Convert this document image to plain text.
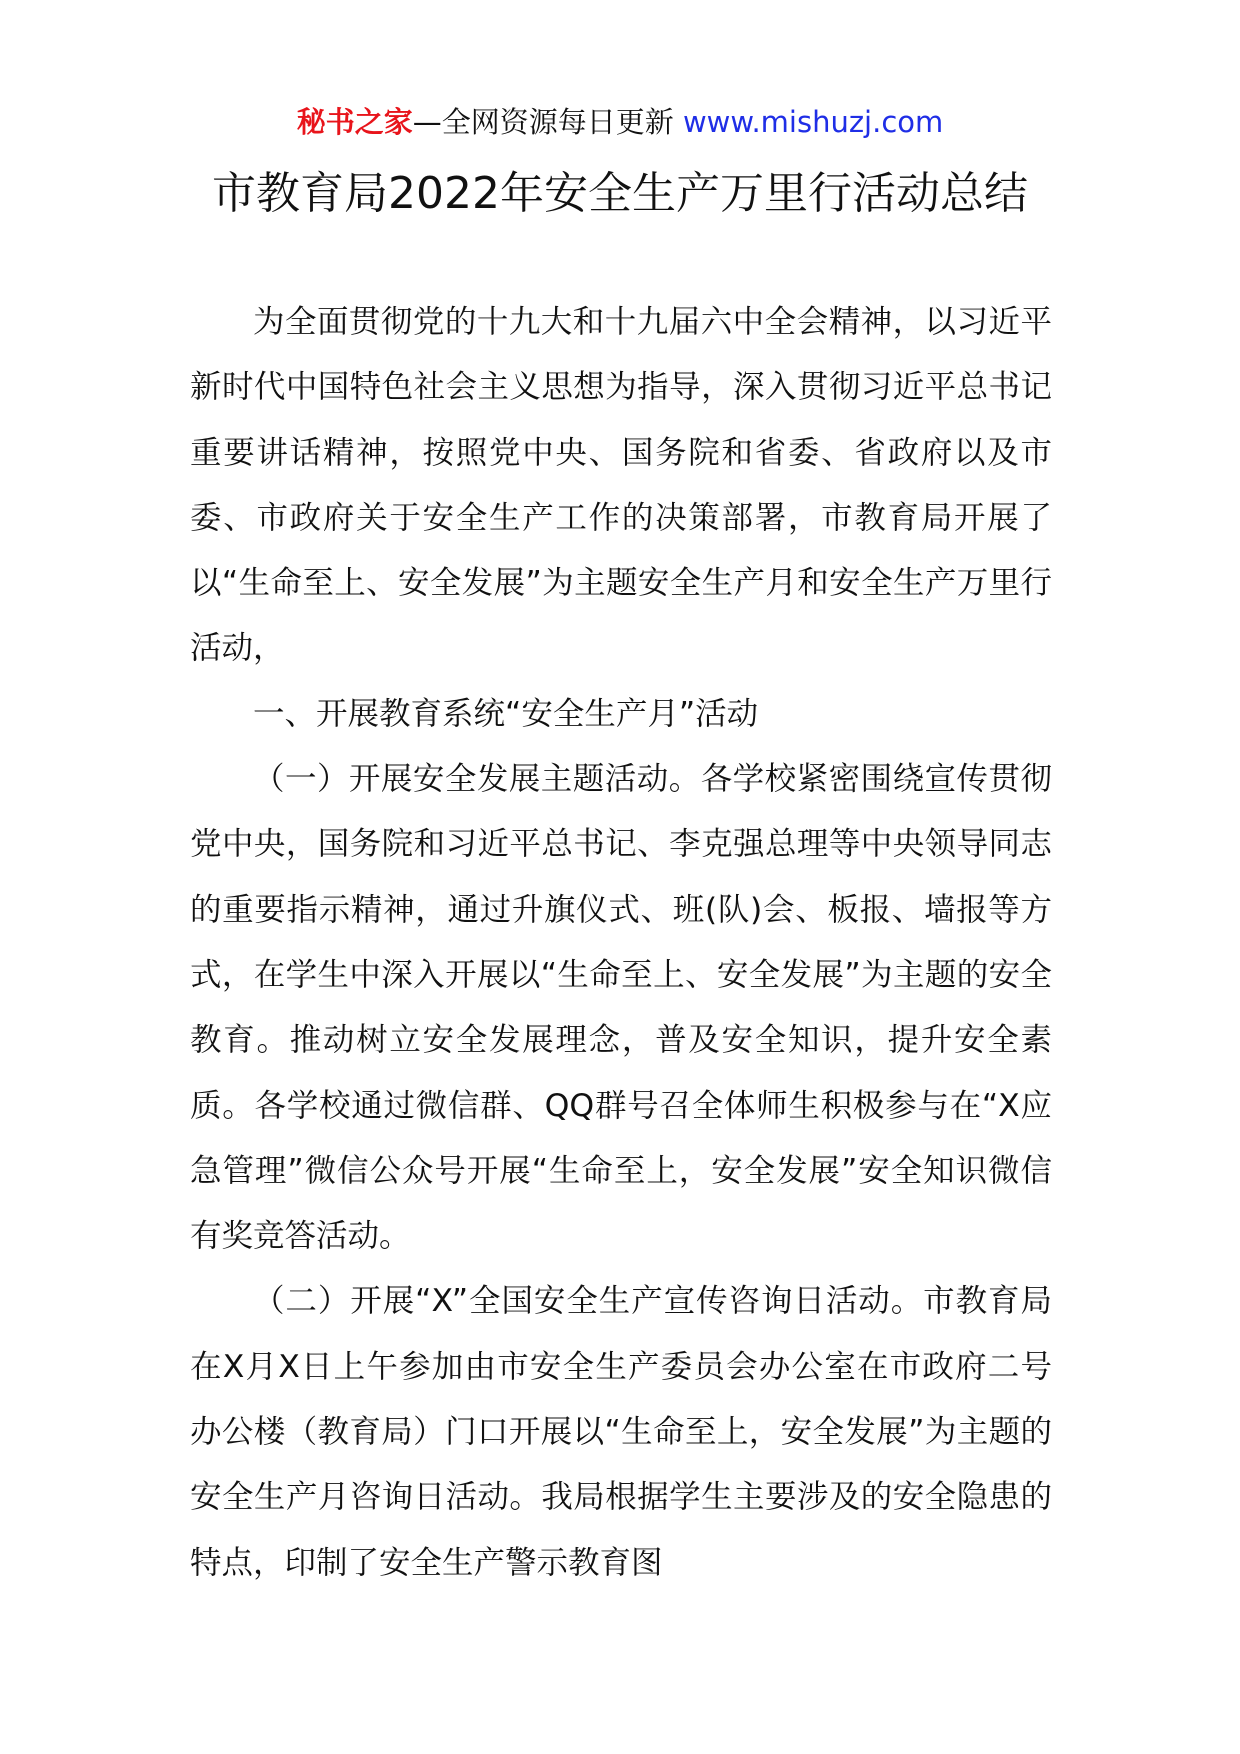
秘书之家—全网资源每日更新 www.mishuzj.com
市教育局2022年安全生产万里行活动总结

为全面贯彻党的十九大和十九届六中全会精神，以习近平新时代中国特色社会主义思想为指导，深入贯彻习近平总书记重要讲话精神，按照党中央、国务院和省委、省政府以及市委、市政府关于安全生产工作的决策部署，市教育局开展了以“生命至上、安全发展”为主题安全生产月和安全生产万里行活动，

一、开展教育系统“安全生产月”活动

（一）开展安全发展主题活动。各学校紧密围绕宣传贯彻党中央，国务院和习近平总书记、李克强总理等中央领导同志的重要指示精神，通过升旗仪式、班(队)会、板报、墙报等方式，在学生中深入开展以“生命至上、安全发展”为主题的安全教育。推动树立安全发展理念，普及安全知识，提升安全素质。各学校通过微信群、QQ群号召全体师生积极参与在“X应急管理”微信公众号开展“生命至上，安全发展”安全知识微信有奖竞答活动。

（二）开展“X”全国安全生产宣传咨询日活动。市教育局在X月X日上午参加由市安全生产委员会办公室在市政府二号办公楼（教育局）门口开展以“生命至上，安全发展”为主题的安全生产月咨询日活动。我局根据学生主要涉及的安全隐患的特点，印制了安全生产警示教育图
